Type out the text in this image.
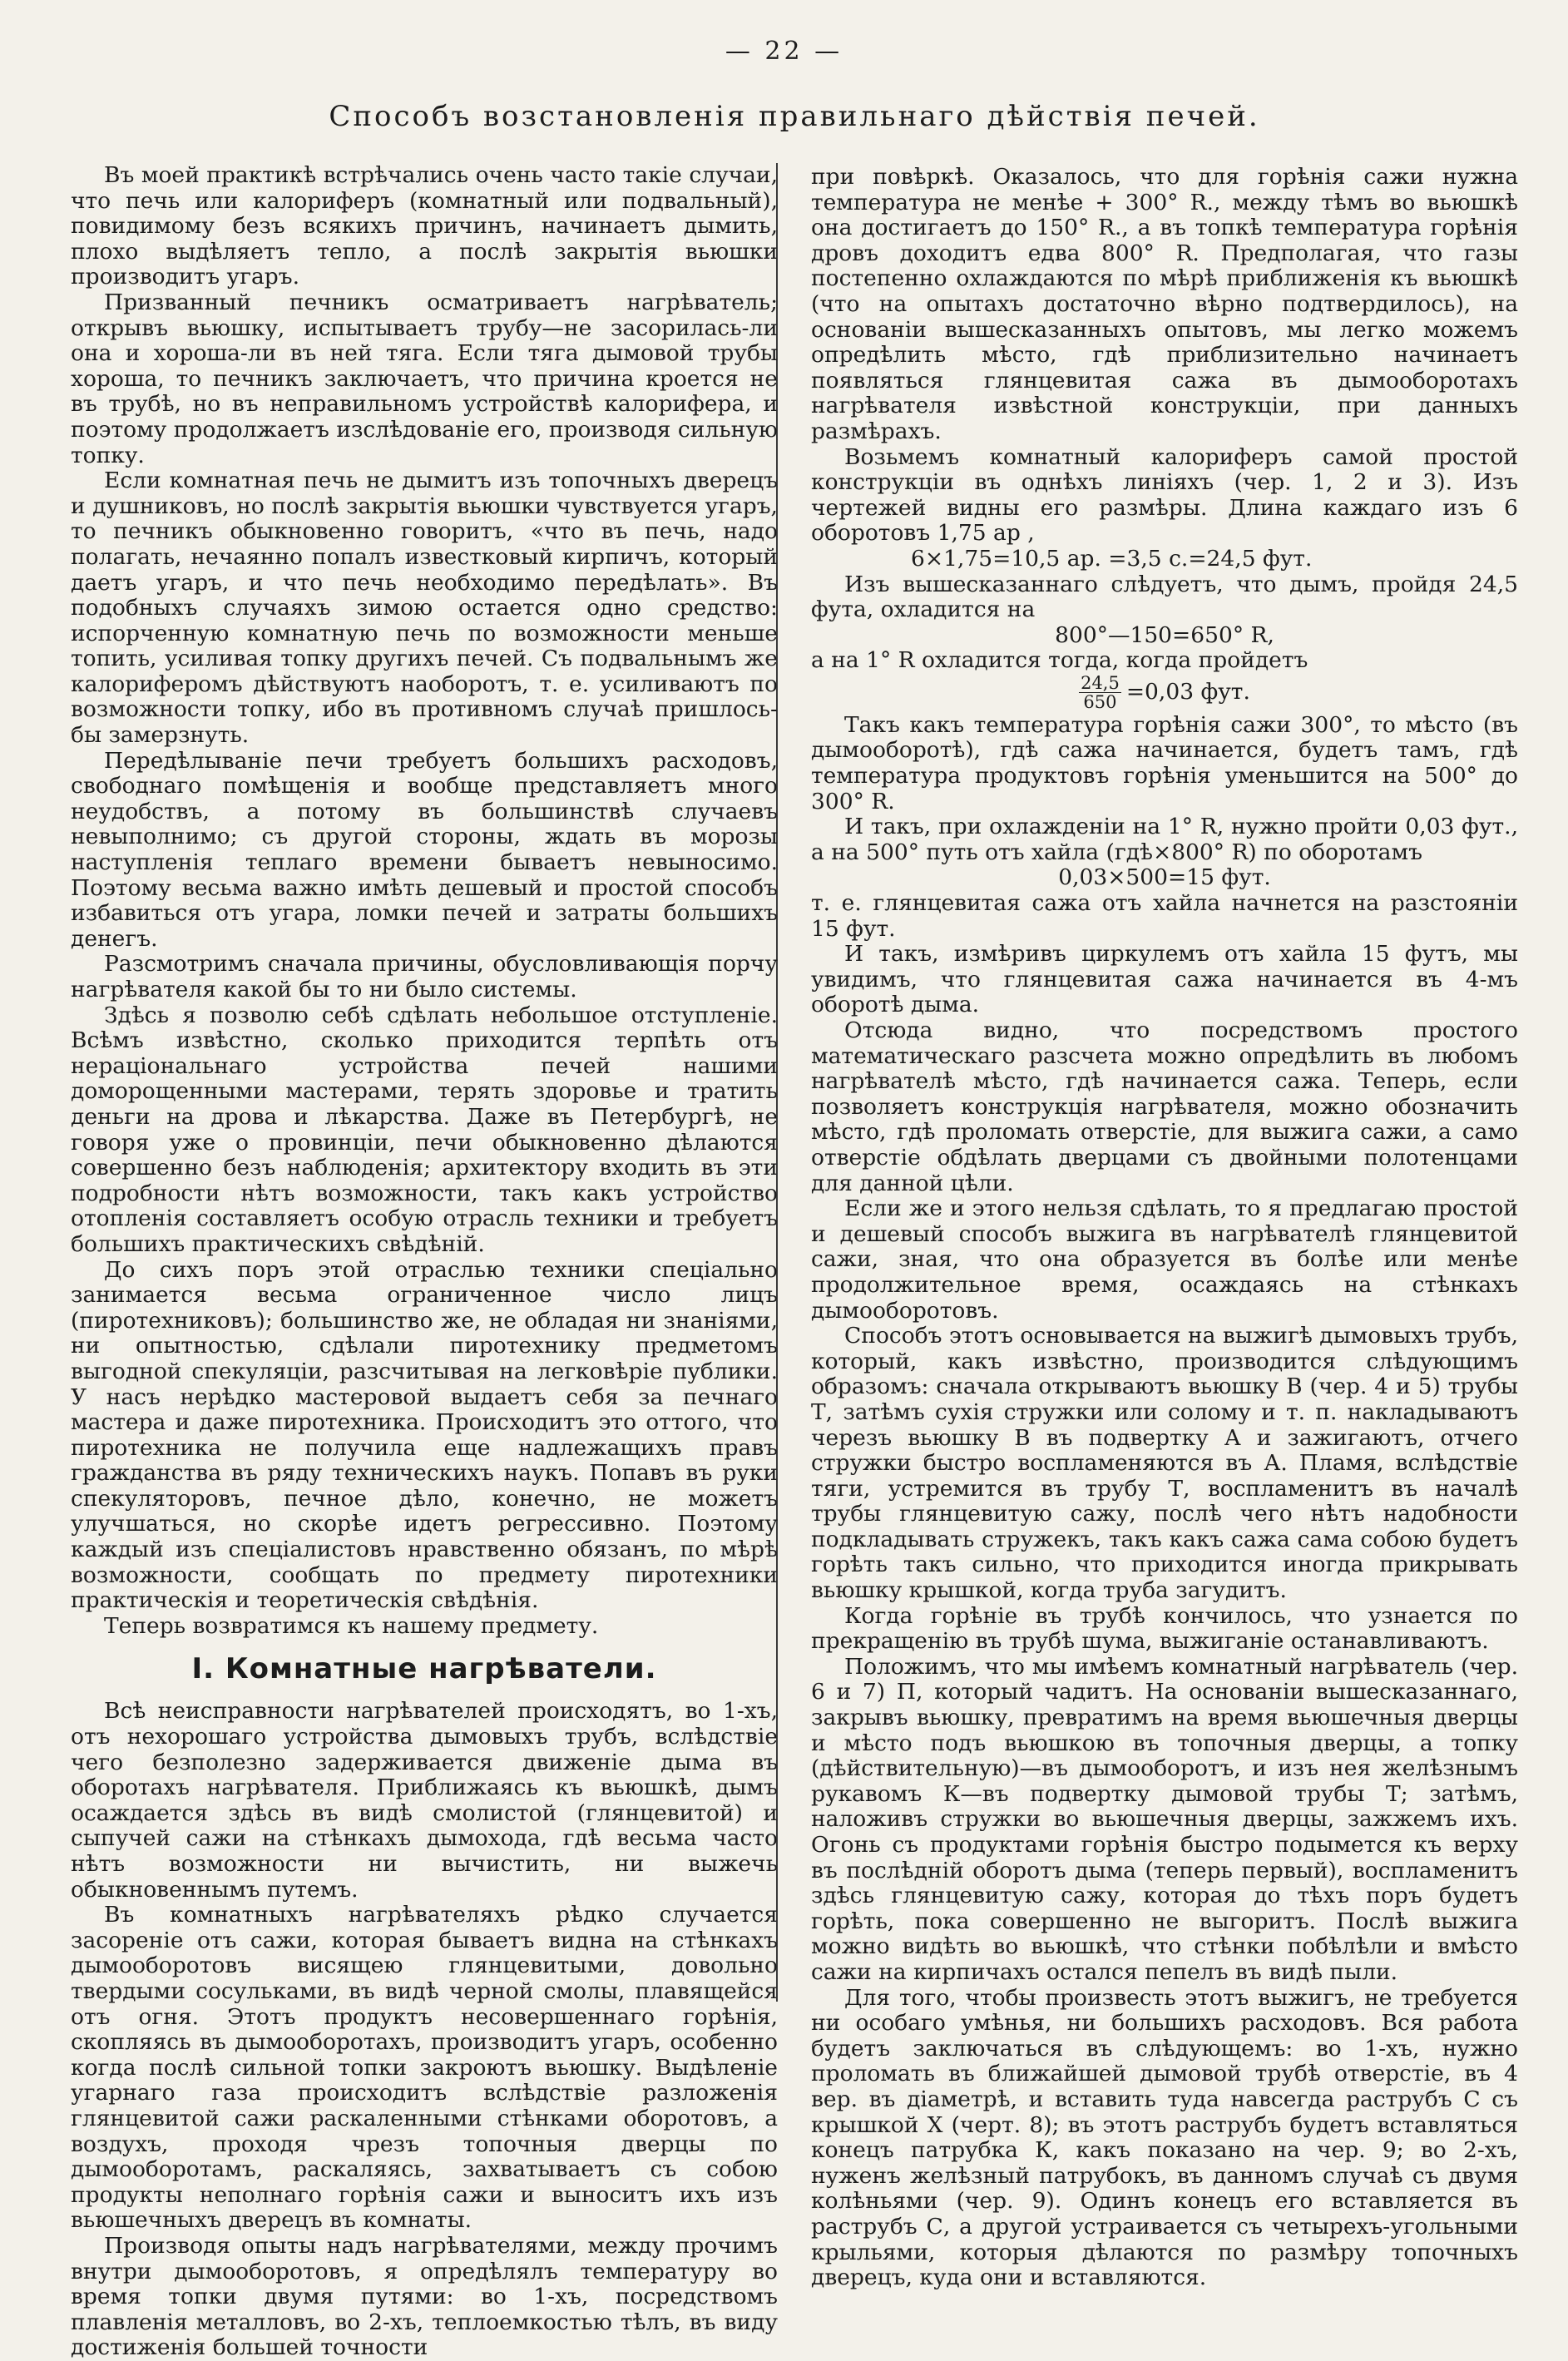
— 22 —
Способъ возстановленія правильнаго дѣйствія печей.

Въ моей практикѣ встрѣчались очень часто такіе случаи, что печь или калориферъ (комнатный или подвальный), повидимому безъ всякихъ причинъ, начинаетъ дымить, плохо выдѣляетъ тепло, а послѣ закрытія вьюшки производитъ угаръ.

Призванный печникъ осматриваетъ нагрѣватель; открывъ вьюшку, испытываетъ трубу—не засорилась-ли она и хороша-ли въ ней тяга. Если тяга дымовой трубы хороша, то печникъ заключаетъ, что причина кроется не въ трубѣ, но въ неправильномъ устройствѣ калорифера, и поэтому продолжаетъ изслѣдованіе его, производя сильную топку.

Если комнатная печь не дымитъ изъ топочныхъ дверецъ и душниковъ, но послѣ закрытія вьюшки чувствуется угаръ, то печникъ обыкновенно говоритъ, «что въ печь, надо полагать, нечаянно попалъ известковый кирпичъ, который даетъ угаръ, и что печь необходимо передѣлать». Въ подобныхъ случаяхъ зимою остается одно средство: испорченную комнатную печь по возможности меньше топить, усиливая топку другихъ печей. Съ подвальнымъ же калориферомъ дѣйствуютъ наоборотъ, т. е. усиливаютъ по возможности топку, ибо въ противномъ случаѣ пришлось-бы замерзнуть.

Передѣлываніе печи требуетъ большихъ расходовъ, свободнаго помѣщенія и вообще представляетъ много неудобствъ, а потому въ большинствѣ случаевъ невыполнимо; съ другой стороны, ждать въ морозы наступленія теплаго времени бываетъ невыносимо. Поэтому весьма важно имѣть дешевый и простой способъ избавиться отъ угара, ломки печей и затраты большихъ денегъ.

Разсмотримъ сначала причины, обусловливающія порчу нагрѣвателя какой бы то ни было системы.

Здѣсь я позволю себѣ сдѣлать небольшое отступленіе. Всѣмъ извѣстно, сколько приходится терпѣть отъ нераціональнаго устройства печей нашими доморощенными мастерами, терять здоровье и тратить деньги на дрова и лѣкарства. Даже въ Петербургѣ, не говоря уже о провинціи, печи обыкновенно дѣлаются совершенно безъ наблюденія; архитектору входить въ эти подробности нѣтъ возможности, такъ какъ устройство отопленія составляетъ особую отрасль техники и требуетъ большихъ практическихъ свѣдѣній.

До сихъ поръ этой отраслью техники спеціально занимается весьма ограниченное число лицъ (пиротехниковъ); большинство же, не обладая ни знаніями, ни опытностью, сдѣлали пиротехнику предметомъ выгодной спекуляціи, разсчитывая на легковѣріе публики. У насъ нерѣдко мастеровой выдаетъ себя за печнаго мастера и даже пиротехника. Происходитъ это оттого, что пиротехника не получила еще надлежащихъ правъ гражданства въ ряду техническихъ наукъ. Попавъ въ руки спекуляторовъ, печное дѣло, конечно, не можетъ улучшаться, но скорѣе идетъ регрессивно. Поэтому каждый изъ спеціалистовъ нравственно обязанъ, по мѣрѣ возможности, сообщать по предмету пиротехники практическія и теоретическія свѣдѣнія.

Теперь возвратимся къ нашему предмету.

I. Комнатные нагрѣватели.

Всѣ неисправности нагрѣвателей происходятъ, во 1-хъ, отъ нехорошаго устройства дымовыхъ трубъ, вслѣдствіе чего безполезно задерживается движеніе дыма въ оборотахъ нагрѣвателя. Приближаясь къ вьюшкѣ, дымъ осаждается здѣсь въ видѣ смолистой (глянцевитой) и сыпучей сажи на стѣнкахъ дымохода, гдѣ весьма часто нѣтъ возможности ни вычистить, ни выжечь обыкновеннымъ путемъ.

Въ комнатныхъ нагрѣвателяхъ рѣдко случается засореніе отъ сажи, которая бываетъ видна на стѣнкахъ дымооборотовъ висящею глянцевитыми, довольно твердыми сосульками, въ видѣ черной смолы, плавящейся отъ огня. Этотъ продуктъ несовершеннаго горѣнія, скопляясь въ дымооборотахъ, производитъ угаръ, особенно когда послѣ сильной топки закроютъ вьюшку. Выдѣленіе угарнаго газа происходитъ вслѣдствіе разложенія глянцевитой сажи раскаленными стѣнками оборотовъ, а воздухъ, проходя чрезъ топочныя дверцы по дымооборотамъ, раскаляясь, захватываетъ съ собою продукты неполнаго горѣнія сажи и выноситъ ихъ изъ вьюшечныхъ дверецъ въ комнаты.

Производя опыты надъ нагрѣвателями, между прочимъ внутри дымооборотовъ, я опредѣлялъ температуру во время топки двумя путями: во 1-хъ, посредствомъ плавленія металловъ, во 2-хъ, теплоемкостью тѣлъ, въ виду достиженія большей точности

при повѣркѣ. Оказалось, что для горѣнія сажи нужна температура не менѣе + 300° R., между тѣмъ во вьюшкѣ она достигаетъ до 150° R., а въ топкѣ температура горѣнія дровъ доходитъ едва 800° R. Предполагая, что газы постепенно охлаждаются по мѣрѣ приближенія къ вьюшкѣ (что на опытахъ достаточно вѣрно подтвердилось), на основаніи вышесказанныхъ опытовъ, мы легко можемъ опредѣлить мѣсто, гдѣ приблизительно начинаетъ появляться глянцевитая сажа въ дымооборотахъ нагрѣвателя извѣстной конструкціи, при данныхъ размѣрахъ.

Возьмемъ комнатный калориферъ самой простой конструкціи въ однѣхъ линіяхъ (чер. 1, 2 и 3). Изъ чертежей видны его размѣры. Длина каждаго изъ 6 оборотовъ 1,75 ар ,

6×1,75=10,5 ар. =3,5 с.=24,5 фут.

Изъ вышесказаннаго слѣдуетъ, что дымъ, пройдя 24,5 фута, охладится на

800°—150=650° R,

а на 1° R охладится тогда, когда пройдетъ

$\frac{24,5}{650} =0,03$ фут.

Такъ какъ температура горѣнія сажи 300°, то мѣсто (въ дымооборотѣ), гдѣ сажа начинается, будетъ тамъ, гдѣ температура продуктовъ горѣнія уменьшится на 500° до 300° R.

И такъ, при охлажденіи на 1° R, нужно пройти 0,03 фут., а на 500° путь отъ хайла (гдѣ×800° R) по оборотамъ

0,03×500=15 фут.

т. е. глянцевитая сажа отъ хайла начнется на разстояніи 15 фут.

И такъ, измѣривъ циркулемъ отъ хайла 15 футъ, мы увидимъ, что глянцевитая сажа начинается въ 4-мъ оборотѣ дыма.

Отсюда видно, что посредствомъ простого математическаго разсчета можно опредѣлить въ любомъ нагрѣвателѣ мѣсто, гдѣ начинается сажа. Теперь, если позволяетъ конструкція нагрѣвателя, можно обозначить мѣсто, гдѣ проломать отверстіе, для выжига сажи, а само отверстіе обдѣлать дверцами съ двойными полотенцами для данной цѣли.

Если же и этого нельзя сдѣлать, то я предлагаю простой и дешевый способъ выжига въ нагрѣвателѣ глянцевитой сажи, зная, что она образуется въ болѣе или менѣе продолжительное время, осаждаясь на стѣнкахъ дымооборотовъ.

Способъ этотъ основывается на выжигѣ дымовыхъ трубъ, который, какъ извѣстно, производится слѣдующимъ образомъ: сначала открываютъ вьюшку В (чер. 4 и 5) трубы Т, затѣмъ сухія стружки или солому и т. п. накладываютъ черезъ вьюшку В въ подвертку А и зажигаютъ, отчего стружки быстро воспламеняются въ А. Пламя, вслѣдствіе тяги, устремится въ трубу Т, воспламенитъ въ началѣ трубы глянцевитую сажу, послѣ чего нѣтъ надобности подкладывать стружекъ, такъ какъ сажа сама собою будетъ горѣть такъ сильно, что приходится иногда прикрывать вьюшку крышкой, когда труба загудитъ.

Когда горѣніе въ трубѣ кончилось, что узнается по прекращенію въ трубѣ шума, выжиганіе останавливаютъ.

Положимъ, что мы имѣемъ комнатный нагрѣватель (чер. 6 и 7) П, который чадитъ. На основаніи вышесказаннаго, закрывъ вьюшку, превратимъ на время вьюшечныя дверцы и мѣсто подъ вьюшкою въ топочныя дверцы, а топку (дѣйствительную)—въ дымооборотъ, и изъ нея желѣзнымъ рукавомъ К—въ подвертку дымовой трубы Т; затѣмъ, наложивъ стружки во вьюшечныя дверцы, зажжемъ ихъ. Огонь съ продуктами горѣнія быстро подымется къ верху въ послѣдній оборотъ дыма (теперь первый), воспламенитъ здѣсь глянцевитую сажу, которая до тѣхъ поръ будетъ горѣть, пока совершенно не выгоритъ. Послѣ выжига можно видѣть во вьюшкѣ, что стѣнки побѣлѣли и вмѣсто сажи на кирпичахъ остался пепелъ въ видѣ пыли.

Для того, чтобы произвесть этотъ выжигъ, не требуется ни особаго умѣнья, ни большихъ расходовъ. Вся работа будетъ заключаться въ слѣдующемъ: во 1-хъ, нужно проломать въ ближайшей дымовой трубѣ отверстіе, въ 4 вер. въ діаметрѣ, и вставить туда навсегда раструбъ С съ крышкой Х (черт. 8); въ этотъ раструбъ будетъ вставляться конецъ патрубка К, какъ показано на чер. 9; во 2-хъ, нуженъ желѣзный патрубокъ, въ данномъ случаѣ съ двумя колѣньями (чер. 9). Одинъ конецъ его вставляется въ раструбъ С, а другой устраивается съ четырехъ-угольными крыльями, которыя дѣлаются по размѣру топочныхъ дверецъ, куда они и вставляются.
